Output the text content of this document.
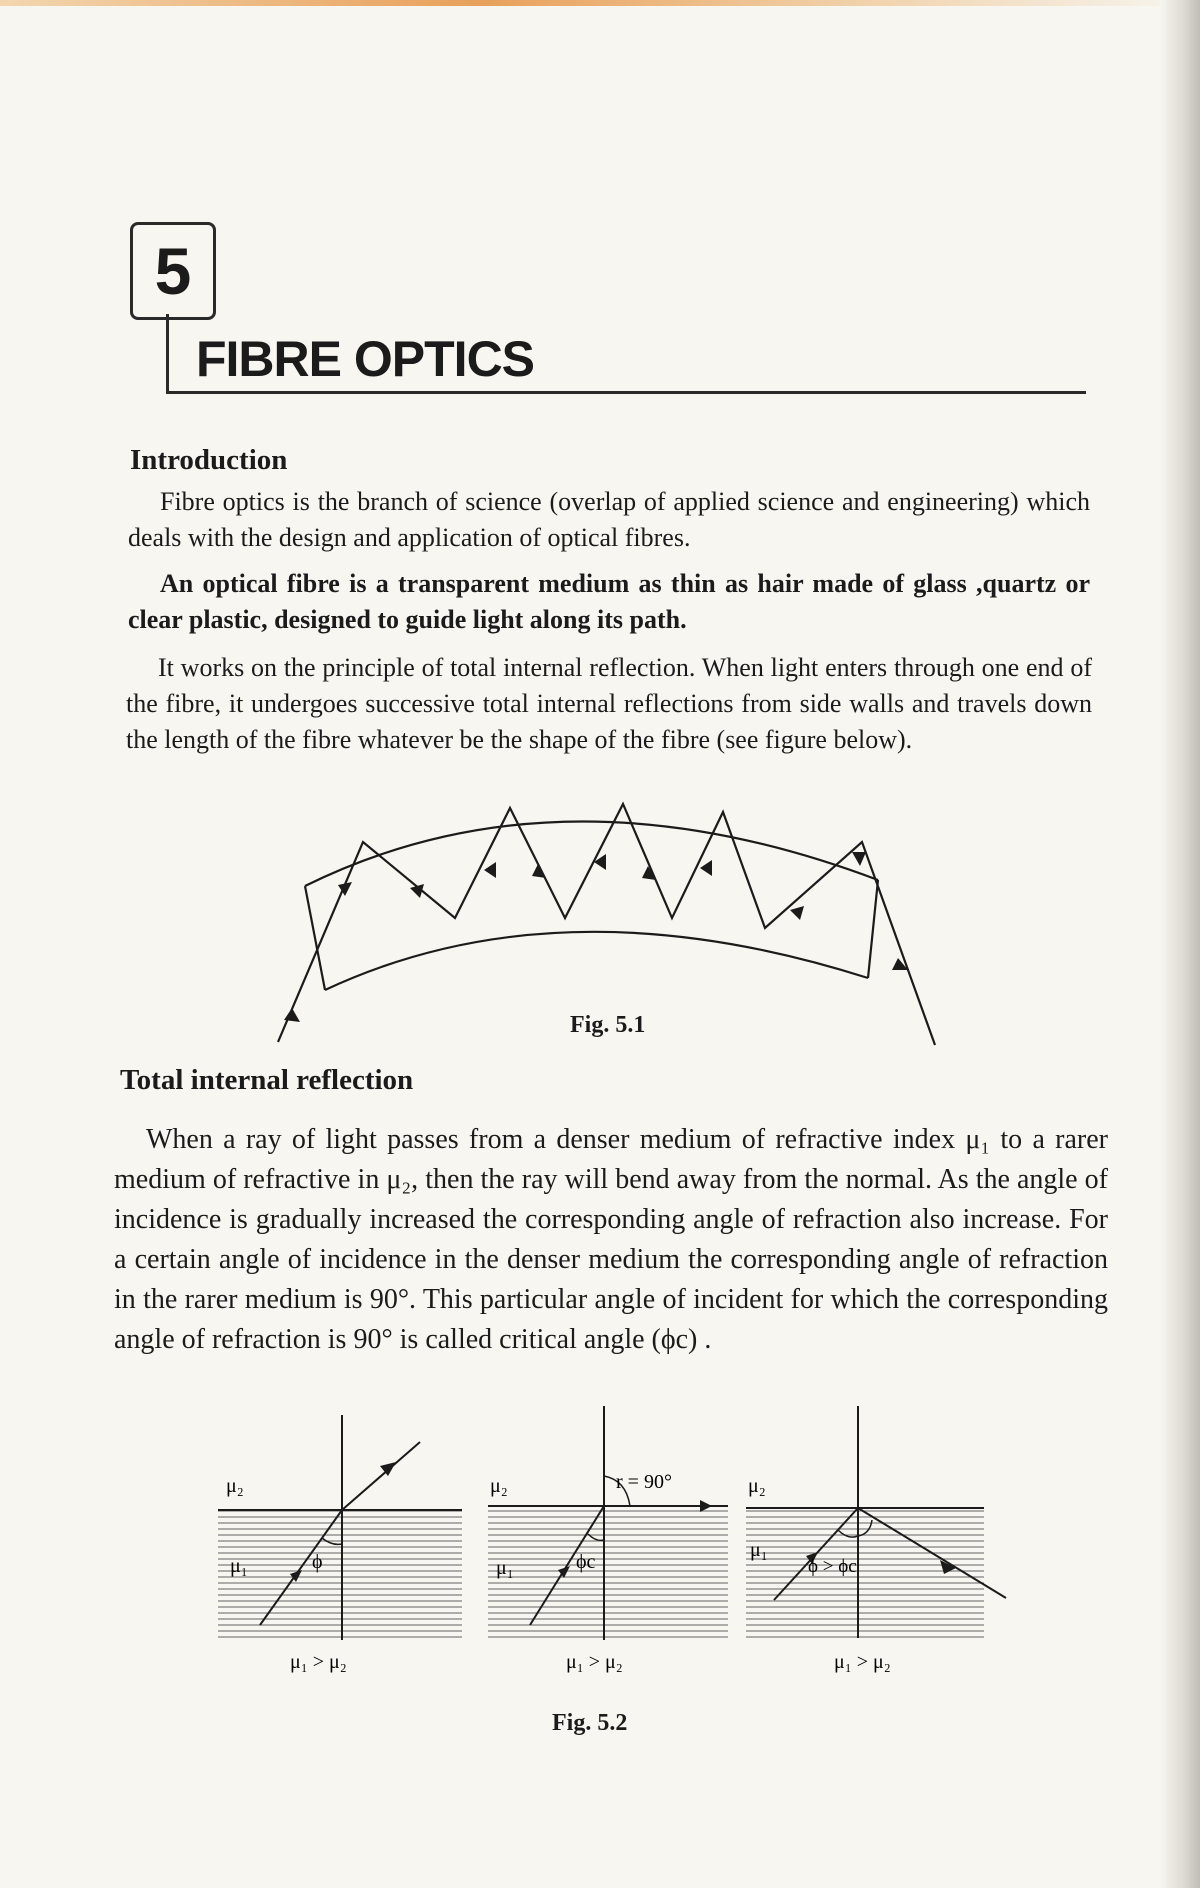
5
FIBRE OPTICS
Introduction

Fibre optics is the branch of science (overlap of applied science and engineering) which deals with the design and application of optical fibres.

An optical fibre is a transparent medium as thin as hair made of glass ,quartz or clear plastic, designed to guide light along its path.

It works on the principle of total internal reflection. When light enters through one end of the fibre, it undergoes successive total internal reflections from side walls and travels down the length of the fibre whatever be the shape of the fibre (see figure below).

Fig. 5.1
Total internal reflection

When a ray of light passes from a denser medium of refractive index μ₁ to a rarer medium of refractive in μ₂, then the ray will bend away from the normal. As the angle of incidence is gradually increased the corresponding angle of refraction also increase. For a certain angle of incidence in the denser medium the corresponding angle of refraction in the rarer medium is 90°. This particular angle of incident for which the corresponding angle of refraction is 90° is called critical angle (ϕc) .

μ₂
μ₁	ϕ
μ₁ > μ₂
μ₂	r = 90°
μ₁	ϕc
μ₁ > μ₂
μ₂
μ₁
ϕ > ϕc
μ₁ > μ₂
Fig. 5.2
